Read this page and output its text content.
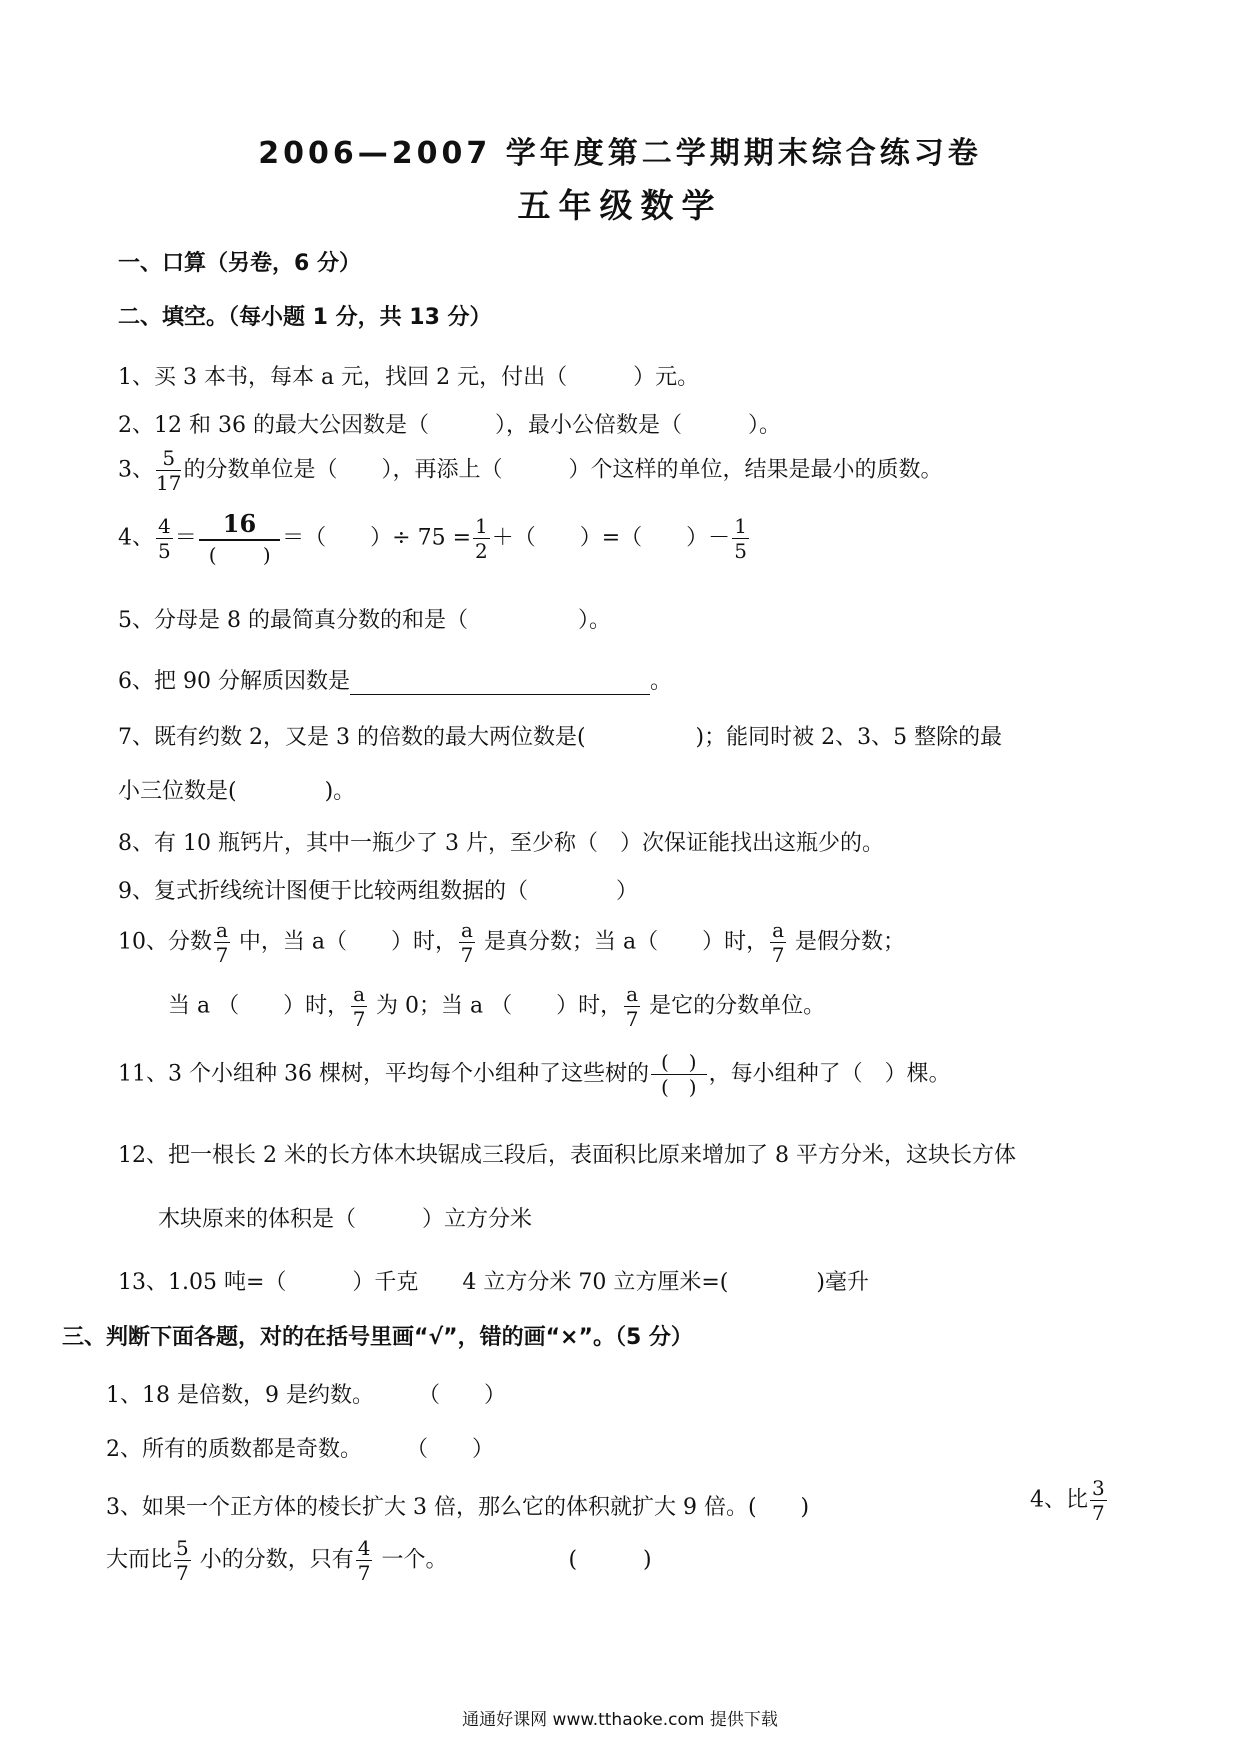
2006—2007 学年度第二学期期末综合练习卷
五年级数学
一、口算（另卷，6 分）
二、填空。（每小题 1 分，共 13 分）
1、买 3 本书，每本 a 元，找回 2 元，付出（　　　）元。
2、12 和 36 的最大公因数是（　　　），最小公倍数是（　　　）。
3、 $\frac{5}{17}$ 的分数单位是（　　），再添上（　　　）个这样的单位，结果是最小的质数。
4、 $\frac{4}{5} = \frac{16}{( )}$ ＝（　　）÷ $75 = \frac{1}{2}$ ＋（　　）=（　　）－ $\frac{1}{5}$
5、分母是 8 的最简真分数的和是（　　　　　）。
6、把 90 分解质因数是	。
7、既有约数 2，又是 3 的倍数的最大两位数是(　　　　　)；能同时被 2、3、5 整除的最
小三位数是(　　　　)。
8、有 10 瓶钙片，其中一瓶少了 3 片，至少称（　）次保证能找出这瓶少的。
9、复式折线统计图便于比较两组数据的（　　　　）
10、分数 $\frac{a}{7}$ 中，当 a（　　）时， $\frac{a}{7}$ 是真分数；当 a（　　）时， $\frac{a}{7}$ 是假分数；
当 a （　　）时， $\frac{a}{7}$ 为 0；当 a （　　）时， $\frac{a}{7}$ 是它的分数单位。
11、3 个小组种 36 棵树，平均每个小组种了这些树的 $\frac{( )}{( )}$ ，每小组种了（　）棵。
12、把一根长 2 米的长方体木块锯成三段后，表面积比原来增加了 8 平方分米，这块长方体
木块原来的体积是（　　　）立方分米
13、1.05 吨=（　　　）千克　　4 立方分米 70 立方厘米=(　　　　)毫升
三、判断下面各题，对的在括号里画“√”，错的画“×”。（5 分）
1、18 是倍数，9 是约数。　　　（　　）
2、所有的质数都是奇数。　　　（　　）
3、如果一个正方体的棱长扩大 3 倍，那么它的体积就扩大 9 倍。(　　)	4、比 $\frac{3}{7}$
大而比 $\frac{5}{7}$ 小的分数，只有 $\frac{4}{7}$ 一个。　　　　　　(　　　)
通通好课网 www.tthaoke.com 提供下载
